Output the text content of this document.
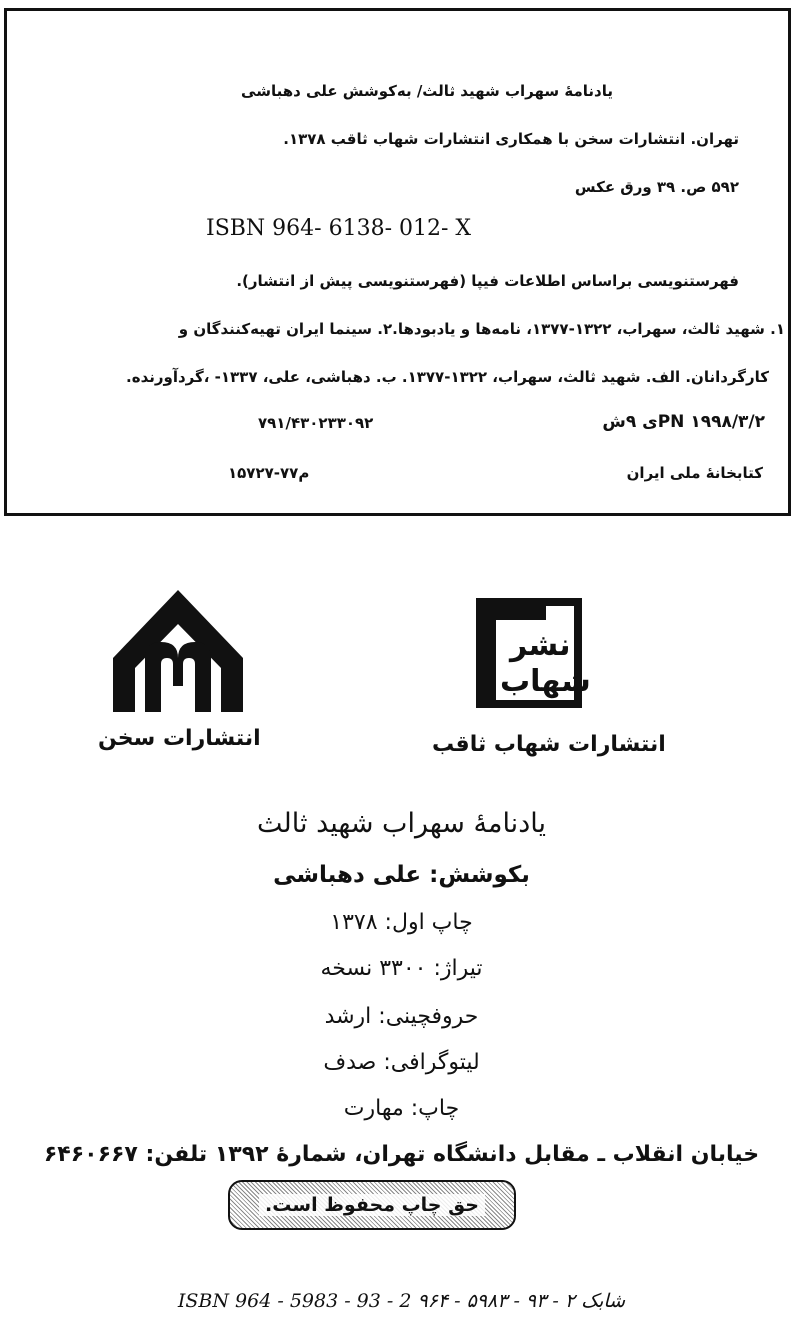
یادنامهٔ سهراب شهید ثالث/ به‌کوشش علی دهباشی
تهران. انتشارات سخن با همکاری انتشارات شهاب ثاقب ۱۳۷۸.
۵۹۲ ص. ۳۹ ورق عکس
ISBN 964- 6138- 012- X
فهرستنویسی براساس اطلاعات فیپا (فهرستنویسی پیش از انتشار).
۱. شهید ثالث، سهراب، ۱۳۲۲-۱۳۷۷، نامه‌ها و یادبودها.۲. سینما ایران تهیه‌کنندگان و
کارگردانان. الف. شهید ثالث، سهراب، ۱۳۲۲-۱۳۷۷. ب. دهباشی، علی، ۱۳۳۷- ،گردآورنده.
PN ۱۹۹۸/۳/۲ی ۹ش
۷۹۱/۴۳۰۲۳۳۰۹۲
کتابخانهٔ ملی ایران
م۷۷-۱۵۷۲۷
انتشارات سخن
نشر
شهاب
انتشارات شهاب ثاقب
یادنامهٔ سهراب شهید ثالث
بکوشش: علی دهباشی
چاپ اول: ۱۳۷۸
تیراژ: ۳۳۰۰ نسخه
حروفچینی: ارشد
لیتوگرافی: صدف
چاپ: مهارت
خیابان انقلاب ـ مقابل دانشگاه تهران، شمارهٔ ۱۳۹۲ تلفن: ۶۴۶۰۶۶۷
حق چاپ محفوظ است.
ISBN 964 - 5983 - 93 - 2 ۹۶۴ - ۵۹۸۳ - ۹۳ - ۲ شابک
